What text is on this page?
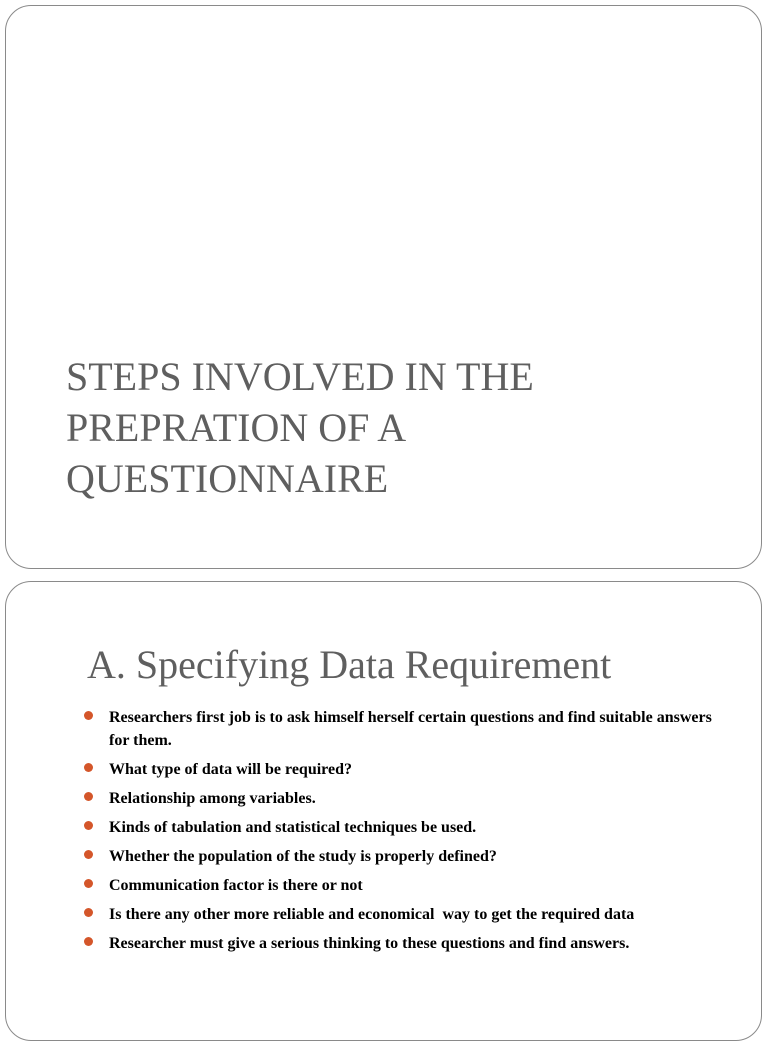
STEPS INVOLVED IN THE
PREPRATION OF A
QUESTIONNAIRE
A. Specifying Data Requirement
Researchers first job is to ask himself herself certain questions and find suitable answers for them.
What type of data will be required?
Relationship among variables.
Kinds of tabulation and statistical techniques be used.
Whether the population of the study is properly defined?
Communication factor is there or not
Is there any other more reliable and economical  way to get the required data
Researcher must give a serious thinking to these questions and find answers.
